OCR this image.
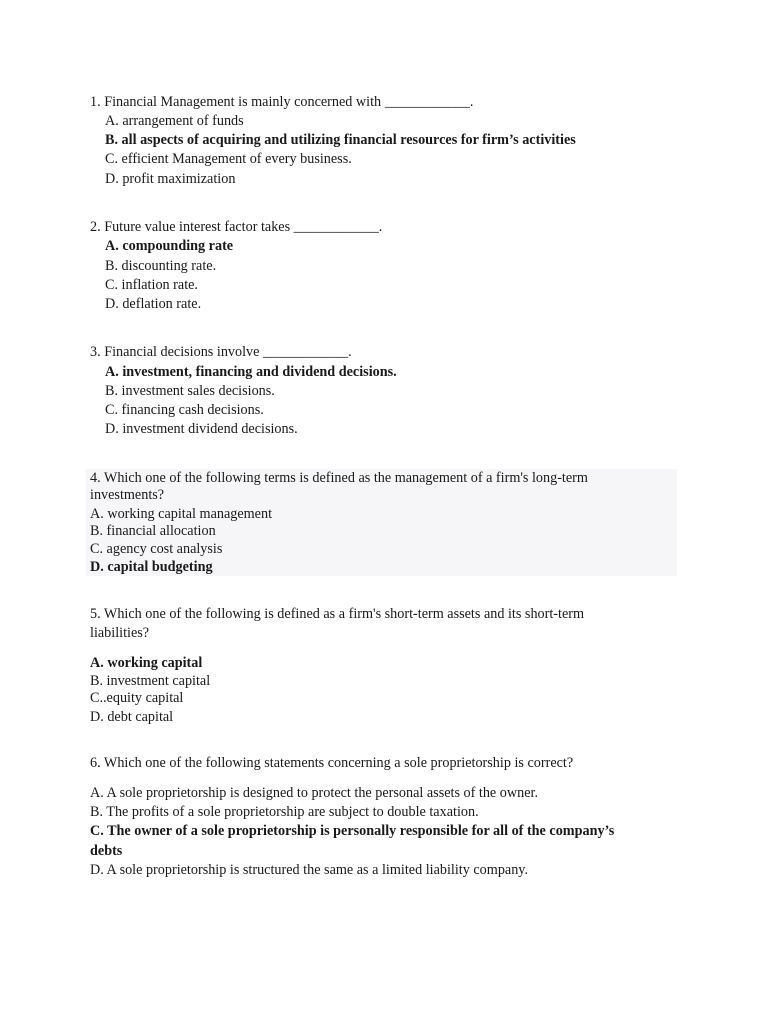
1. Financial Management is mainly concerned with ____________.
A. arrangement of funds
B. all aspects of acquiring and utilizing financial resources for firm’s activities
C. efficient Management of every business.
D. profit maximization
2. Future value interest factor takes ____________.
A. compounding rate
B. discounting rate.
C. inflation rate.
D. deflation rate.
3. Financial decisions involve ____________.
A. investment, financing and dividend decisions.
B. investment sales decisions.
C. financing cash decisions.
D. investment dividend decisions.
4. Which one of the following terms is defined as the management of a firm's long-term
investments?
A. working capital management
B. financial allocation
C. agency cost analysis
D. capital budgeting
5. Which one of the following is defined as a firm's short-term assets and its short-term
liabilities?
A. working capital
B. investment capital
C..equity capital
D. debt capital
6. Which one of the following statements concerning a sole proprietorship is correct?
A. A sole proprietorship is designed to protect the personal assets of the owner.
B. The profits of a sole proprietorship are subject to double taxation.
C. The owner of a sole proprietorship is personally responsible for all of the company’s
debts
D. A sole proprietorship is structured the same as a limited liability company.
